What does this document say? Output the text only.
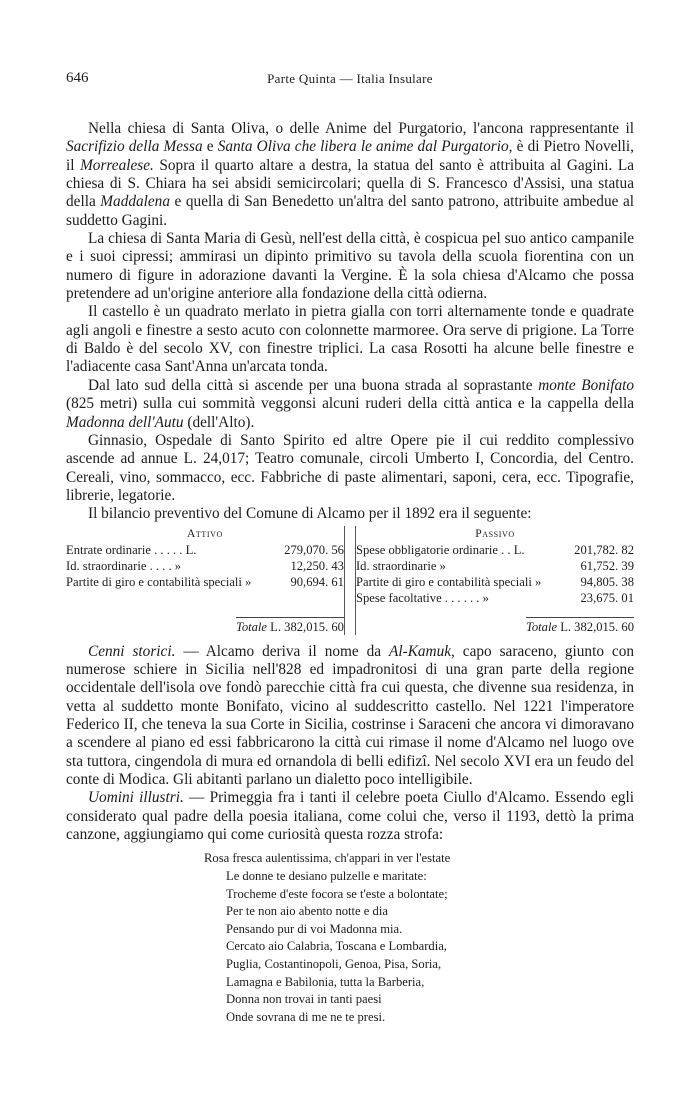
646	Parte Quinta — Italia Insulare

Nella chiesa di Santa Oliva, o delle Anime del Purgatorio, l'ancona rappresentante il Sacrifizio della Messa e Santa Oliva che libera le anime dal Purgatorio, è di Pietro Novelli, il Morrealese. Sopra il quarto altare a destra, la statua del santo è attribuita al Gagini. La chiesa di S. Chiara ha sei absidi semicircolari; quella di S. Francesco d'Assisi, una statua della Maddalena e quella di San Benedetto un'altra del santo patrono, attribuite ambedue al suddetto Gagini.

La chiesa di Santa Maria di Gesù, nell'est della città, è cospicua pel suo antico campanile e i suoi cipressi; ammirasi un dipinto primitivo su tavola della scuola fiorentina con un numero di figure in adorazione davanti la Vergine. È la sola chiesa d'Alcamo che possa pretendere ad un'origine anteriore alla fondazione della città odierna.

Il castello è un quadrato merlato in pietra gialla con torri alternamente tonde e quadrate agli angoli e finestre a sesto acuto con colonnette marmoree. Ora serve di prigione. La Torre di Baldo è del secolo XV, con finestre triplici. La casa Rosotti ha alcune belle finestre e l'adiacente casa Sant'Anna un'arcata tonda.

Dal lato sud della città si ascende per una buona strada al soprastante monte Bonifato (825 metri) sulla cui sommità veggonsi alcuni ruderi della città antica e la cappella della Madonna dell'Autu (dell'Alto).

Ginnasio, Ospedale di Santo Spirito ed altre Opere pie il cui reddito complessivo ascende ad annue L. 24,017; Teatro comunale, circoli Umberto I, Concordia, del Centro. Cereali, vino, sommacco, ecc. Fabbriche di paste alimentari, saponi, cera, ecc. Tipografie, librerie, legatorie.

Il bilancio preventivo del Comune di Alcamo per il 1892 era il seguente:

Attivo			Passivo	
Entrate ordinarie . . . . . L.	279,070. 56		Spese obbligatorie ordinarie . . L.	201,782. 82
Id. straordinarie . . . . »	12,250. 43		Id. straordinarie »	61,752. 39
Partite di giro e contabilità speciali »	90,694. 61		Partite di giro e contabilità speciali »	94,805. 38
			Spese facoltative . . . . . . »	23,675. 01
Totale L. 382,015. 60			Totale L. 382,015. 60	

Cenni storici. — Alcamo deriva il nome da Al-Kamuk, capo saraceno, giunto con numerose schiere in Sicilia nell'828 ed impadronitosi di una gran parte della regione occidentale dell'isola ove fondò parecchie città fra cui questa, che divenne sua residenza, in vetta al suddetto monte Bonifato, vicino al suddescritto castello. Nel 1221 l'imperatore Federico II, che teneva la sua Corte in Sicilia, costrinse i Saraceni che ancora vi dimoravano a scendere al piano ed essi fabbricarono la città cui rimase il nome d'Alcamo nel luogo ove sta tuttora, cingendola di mura ed ornandola di belli edifizî. Nel secolo XVI era un feudo del conte di Modica. Gli abitanti parlano un dialetto poco intelligibile.

Uomini illustri. — Primeggia fra i tanti il celebre poeta Ciullo d'Alcamo. Essendo egli considerato qual padre della poesia italiana, come colui che, verso il 1193, dettò la prima canzone, aggiungiamo qui come curiosità questa rozza strofa:

Rosa fresca aulentissima, ch'appari in ver l'estate
Le donne te desiano pulzelle e maritate:
Trocheme d'este focora se t'este a bolontate;
Per te non aio abento notte e dia
Pensando pur di voi Madonna mia.
Cercato aio Calabria, Toscana e Lombardia,
Puglia, Costantinopoli, Genoa, Pisa, Soria,
Lamagna e Babilonia, tutta la Barberia,
Donna non trovai in tanti paesi
Onde sovrana di me ne te presi.
